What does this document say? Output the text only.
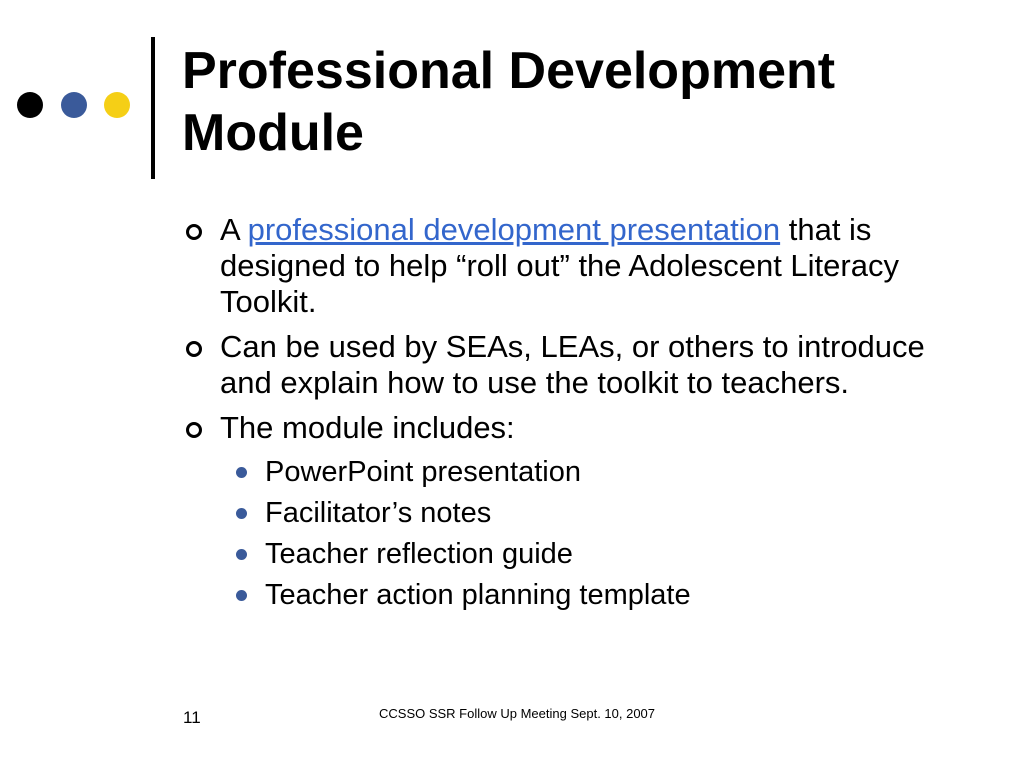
Professional Development Module
A professional development presentation that is designed to help “roll out” the Adolescent Literacy Toolkit.
Can be used by SEAs, LEAs, or others to introduce and explain how to use the toolkit to teachers.
The module includes:
PowerPoint presentation
Facilitator’s notes
Teacher reflection guide
Teacher action planning template
11	CCSSO SSR Follow Up Meeting Sept. 10, 2007
